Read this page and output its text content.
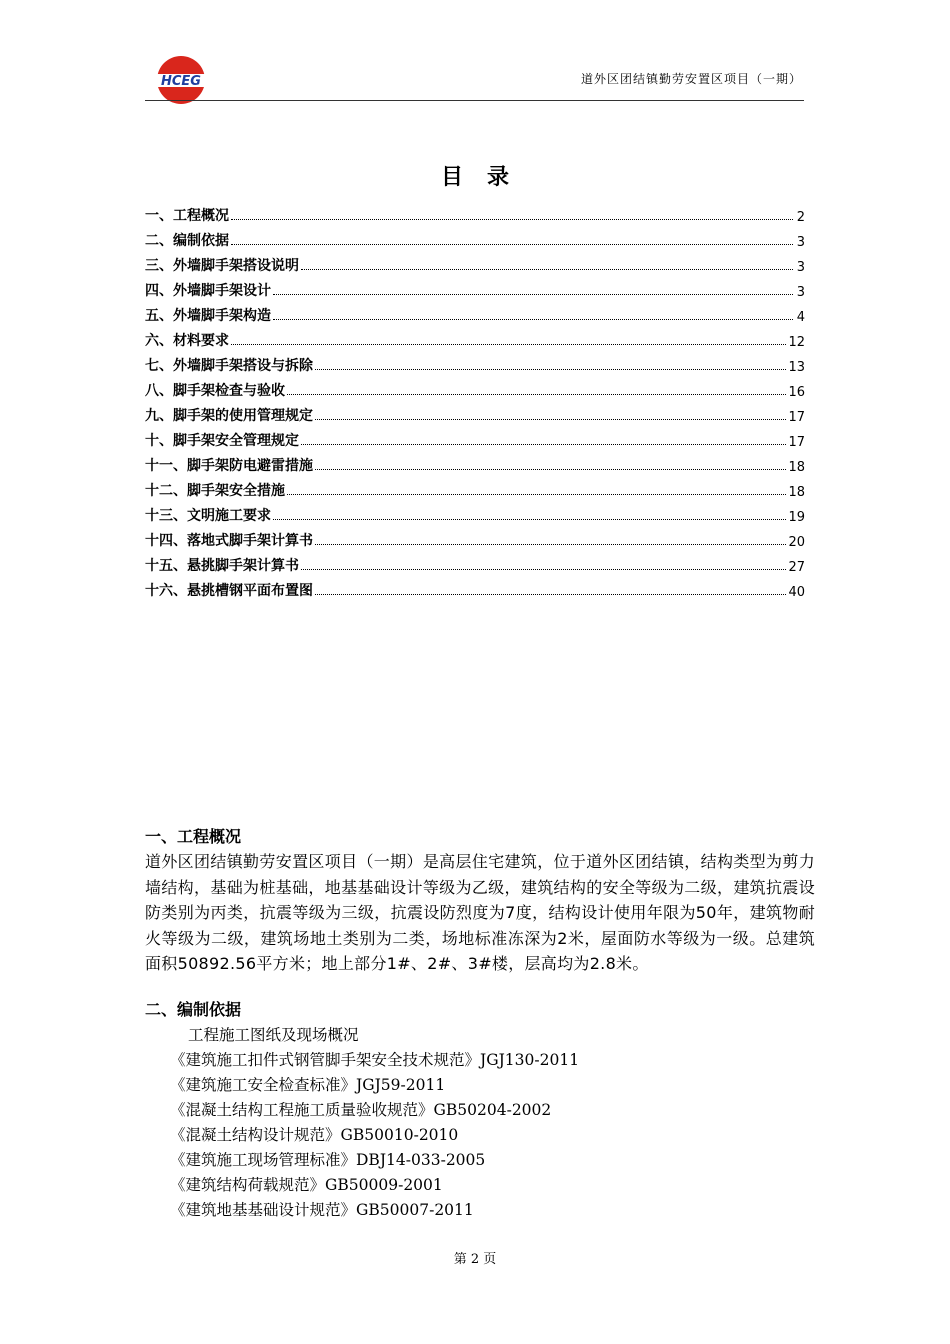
HCEG	道外区团结镇勤劳安置区项目（一期）
目录
一、工程概况	2
二、编制依据	3
三、外墙脚手架搭设说明	3
四、外墙脚手架设计	3
五、外墙脚手架构造	4
六、材料要求	12
七、外墙脚手架搭设与拆除	13
八、脚手架检查与验收	16
九、脚手架的使用管理规定	17
十、脚手架安全管理规定	17
十一、脚手架防电避雷措施	18
十二、脚手架安全措施	18
十三、文明施工要求	19
十四、落地式脚手架计算书	20
十五、悬挑脚手架计算书	27
十六、悬挑槽钢平面布置图	40
一、工程概况
道外区团结镇勤劳安置区项目（一期）是高层住宅建筑，位于道外区团结镇，结构类型为剪力墙结构，基础为桩基础，地基基础设计等级为乙级，建筑结构的安全等级为二级，建筑抗震设防类别为丙类，抗震等级为三级，抗震设防烈度为7度，结构设计使用年限为50年，建筑物耐火等级为二级，建筑场地土类别为二类，场地标准冻深为2米，屋面防水等级为一级。总建筑面积50892.56平方米；地上部分1#、2#、3#楼，层高均为2.8米。
二、编制依据
工程施工图纸及现场概况
《建筑施工扣件式钢管脚手架安全技术规范》JGJ130-2011
《建筑施工安全检查标准》JGJ59-2011
《混凝土结构工程施工质量验收规范》GB50204-2002
《混凝土结构设计规范》GB50010-2010
《建筑施工现场管理标准》DBJ14-033-2005
《建筑结构荷载规范》GB50009-2001
《建筑地基基础设计规范》GB50007-2011
第 2 页
